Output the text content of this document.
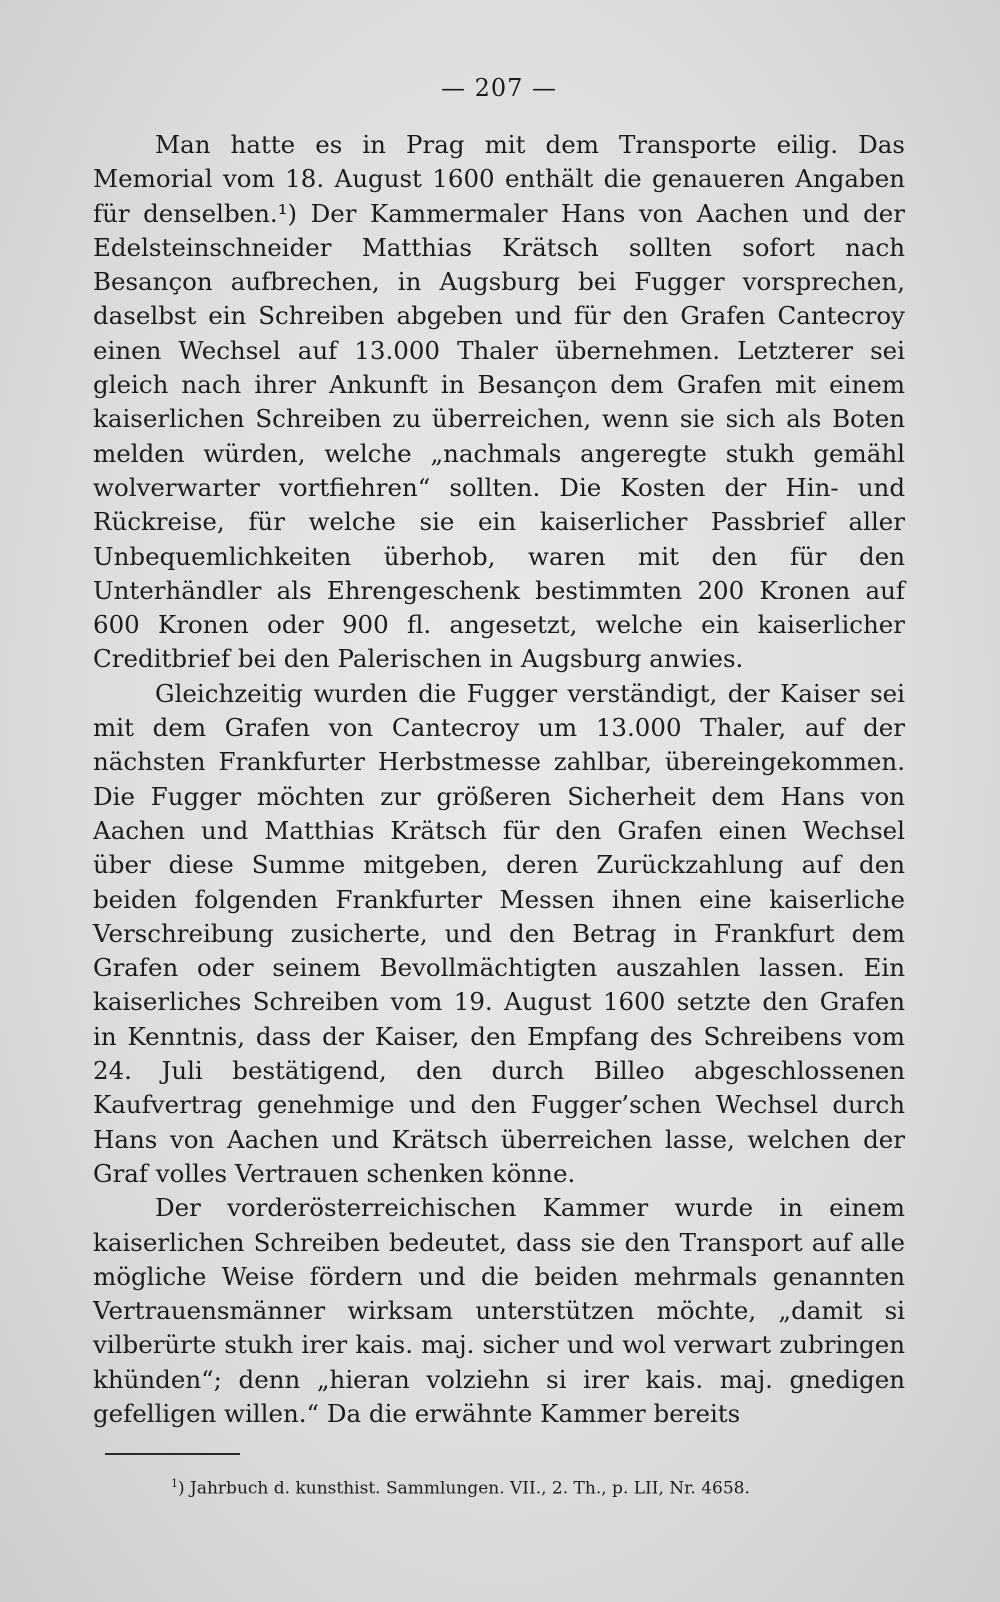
— 207 —

Man hatte es in Prag mit dem Transporte eilig. Das Memorial vom 18. August 1600 enthält die genaueren Angaben für denselben.¹) Der Kammermaler Hans von Aachen und der Edelsteinschneider Matthias Krätsch sollten sofort nach Besançon aufbrechen, in Augsburg bei Fugger vorsprechen, daselbst ein Schreiben abgeben und für den Grafen Cantecroy einen Wechsel auf 13.000 Thaler übernehmen. Letzterer sei gleich nach ihrer Ankunft in Besançon dem Grafen mit einem kaiserlichen Schreiben zu überreichen, wenn sie sich als Boten melden würden, welche „nachmals angeregte stukh gemähl wolverwarter vortfiehren“ sollten. Die Kosten der Hin- und Rückreise, für welche sie ein kaiserlicher Passbrief aller Unbequemlichkeiten überhob, waren mit den für den Unterhändler als Ehrengeschenk bestimmten 200 Kronen auf 600 Kronen oder 900 fl. angesetzt, welche ein kaiserlicher Creditbrief bei den Palerischen in Augsburg anwies.

Gleichzeitig wurden die Fugger verständigt, der Kaiser sei mit dem Grafen von Cantecroy um 13.000 Thaler, auf der nächsten Frankfurter Herbstmesse zahlbar, übereingekommen. Die Fugger möchten zur größeren Sicherheit dem Hans von Aachen und Matthias Krätsch für den Grafen einen Wechsel über diese Summe mitgeben, deren Zurückzahlung auf den beiden folgenden Frankfurter Messen ihnen eine kaiserliche Verschreibung zusicherte, und den Betrag in Frankfurt dem Grafen oder seinem Bevollmächtigten auszahlen lassen. Ein kaiserliches Schreiben vom 19. August 1600 setzte den Grafen in Kenntnis, dass der Kaiser, den Empfang des Schreibens vom 24. Juli bestätigend, den durch Billeo abgeschlossenen Kaufvertrag genehmige und den Fugger’schen Wechsel durch Hans von Aachen und Krätsch überreichen lasse, welchen der Graf volles Vertrauen schenken könne.

Der vorderösterreichischen Kammer wurde in einem kaiserlichen Schreiben bedeutet, dass sie den Transport auf alle mögliche Weise fördern und die beiden mehrmals genannten Vertrauensmänner wirksam unterstützen möchte, „damit si vilberürte stukh irer kais. maj. sicher und wol verwart zubringen khünden“; denn „hieran volziehn si irer kais. maj. gnedigen gefelligen willen.“ Da die erwähnte Kammer bereits

$^1$) Jahrbuch d. kunsthist. Sammlungen. VII., 2. Th., p. LII, Nr. 4658.
